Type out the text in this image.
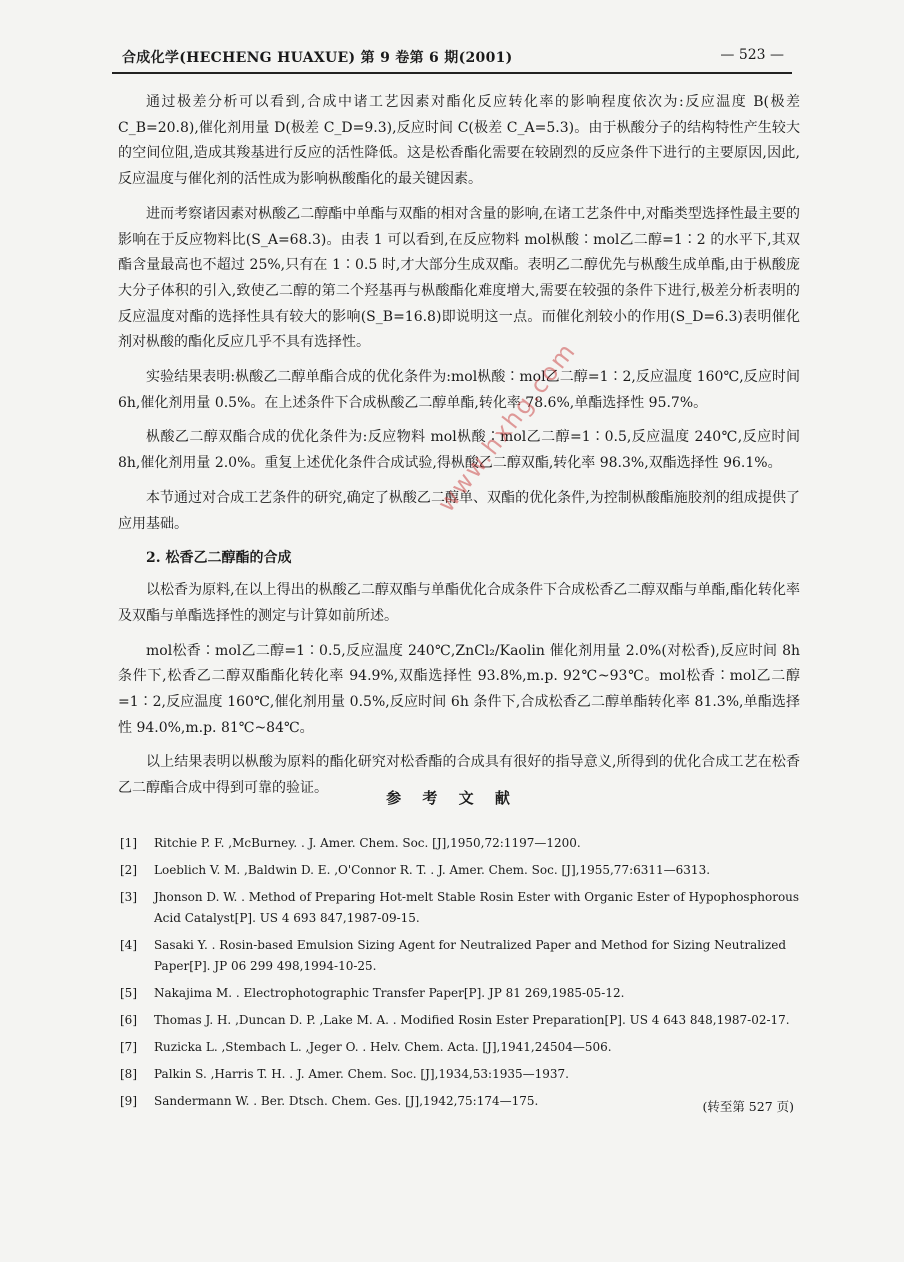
合成化学(HECHENG HUAXUE) 第 9 卷第 6 期(2001)	— 523 —

通过极差分析可以看到,合成中诸工艺因素对酯化反应转化率的影响程度依次为:反应温度 B(极差 C_B=20.8),催化剂用量 D(极差 C_D=9.3),反应时间 C(极差 C_A=5.3)。由于枞酸分子的结构特性产生较大的空间位阻,造成其羧基进行反应的活性降低。这是松香酯化需要在较剧烈的反应条件下进行的主要原因,因此,反应温度与催化剂的活性成为影响枞酸酯化的最关键因素。

进而考察诸因素对枞酸乙二醇酯中单酯与双酯的相对含量的影响,在诸工艺条件中,对酯类型选择性最主要的影响在于反应物料比(S_A=68.3)。由表 1 可以看到,在反应物料 mol枞酸∶mol乙二醇=1∶2 的水平下,其双酯含量最高也不超过 25%,只有在 1∶0.5 时,才大部分生成双酯。表明乙二醇优先与枞酸生成单酯,由于枞酸庞大分子体积的引入,致使乙二醇的第二个羟基再与枞酸酯化难度增大,需要在较强的条件下进行,极差分析表明的反应温度对酯的选择性具有较大的影响(S_B=16.8)即说明这一点。而催化剂较小的作用(S_D=6.3)表明催化剂对枞酸的酯化反应几乎不具有选择性。

实验结果表明:枞酸乙二醇单酯合成的优化条件为:mol枞酸∶mol乙二醇=1∶2,反应温度 160℃,反应时间 6h,催化剂用量 0.5%。在上述条件下合成枞酸乙二醇单酯,转化率 78.6%,单酯选择性 95.7%。

枞酸乙二醇双酯合成的优化条件为:反应物料 mol枞酸∶mol乙二醇=1∶0.5,反应温度 240℃,反应时间 8h,催化剂用量 2.0%。重复上述优化条件合成试验,得枞酸乙二醇双酯,转化率 98.3%,双酯选择性 96.1%。

本节通过对合成工艺条件的研究,确定了枞酸乙二醇单、双酯的优化条件,为控制枞酸酯施胶剂的组成提供了应用基础。

2. 松香乙二醇酯的合成

以松香为原料,在以上得出的枞酸乙二醇双酯与单酯优化合成条件下合成松香乙二醇双酯与单酯,酯化转化率及双酯与单酯选择性的测定与计算如前所述。

mol松香∶mol乙二醇=1∶0.5,反应温度 240℃,ZnCl₂/Kaolin 催化剂用量 2.0%(对松香),反应时间 8h 条件下,松香乙二醇双酯酯化转化率 94.9%,双酯选择性 93.8%,m.p. 92℃~93℃。mol松香∶mol乙二醇=1∶2,反应温度 160℃,催化剂用量 0.5%,反应时间 6h 条件下,合成松香乙二醇单酯转化率 81.3%,单酯选择性 94.0%,m.p. 81℃~84℃。

以上结果表明以枞酸为原料的酯化研究对松香酯的合成具有很好的指导意义,所得到的优化合成工艺在松香乙二醇酯合成中得到可靠的验证。

参 考 文 献
[1] Ritchie P. F. ,McBurney. . J. Amer. Chem. Soc. [J],1950,72:1197—1200.
[2] Loeblich V. M. ,Baldwin D. E. ,O'Connor R. T. . J. Amer. Chem. Soc. [J],1955,77:6311—6313.
[3] Jhonson D. W. . Method of Preparing Hot-melt Stable Rosin Ester with Organic Ester of Hypophosphorous Acid Catalyst[P]. US 4 693 847,1987-09-15.
[4] Sasaki Y. . Rosin-based Emulsion Sizing Agent for Neutralized Paper and Method for Sizing Neutralized Paper[P]. JP 06 299 498,1994-10-25.
[5] Nakajima M. . Electrophotographic Transfer Paper[P]. JP 81 269,1985-05-12.
[6] Thomas J. H. ,Duncan D. P. ,Lake M. A. . Modified Rosin Ester Preparation[P]. US 4 643 848,1987-02-17.
[7] Ruzicka L. ,Stembach L. ,Jeger O. . Helv. Chem. Acta. [J],1941,24504—506.
[8] Palkin S. ,Harris T. H. . J. Amer. Chem. Soc. [J],1934,53:1935—1937.
[9] Sandermann W. . Ber. Dtsch. Chem. Ges. [J],1942,75:174—175.	(转至第 527 页)
www.hxhg.com
